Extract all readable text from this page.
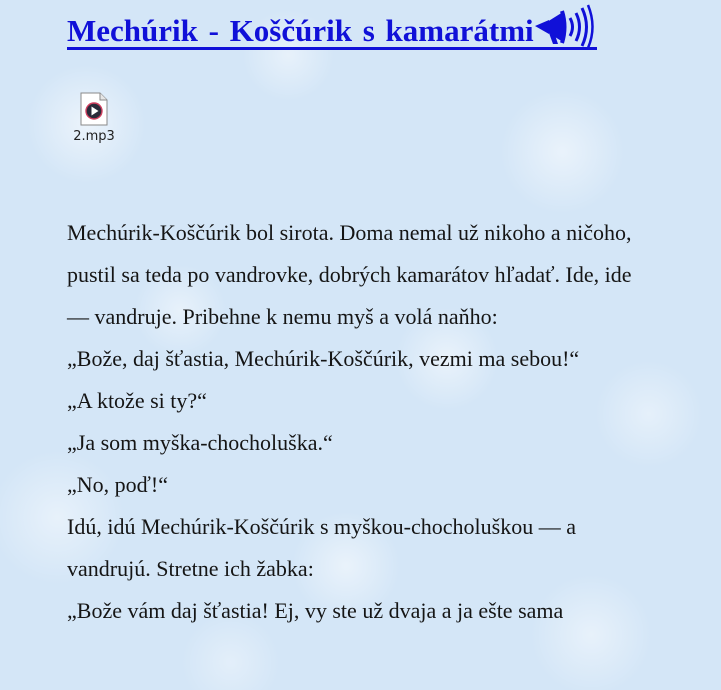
Mechúrik - Koščúrik s kamarátmi
2.mp3

Mechúrik-Koščúrik bol sirota. Doma nemal už nikoho a ničoho, pustil sa teda po vandrovke, dobrých kamarátov hľadať. Ide, ide — vandruje. Pribehne k nemu myš a volá naňho:

„Bože, daj šťastia, Mechúrik-Koščúrik, vezmi ma sebou!“

„A ktože si ty?“

„Ja som myška-chocholuška.“

„No, poď!“

Idú, idú Mechúrik-Koščúrik s myškou-chocholuškou — a vandrujú. Stretne ich žabka:

„Bože vám daj šťastia! Ej, vy ste už dvaja a ja ešte sama
